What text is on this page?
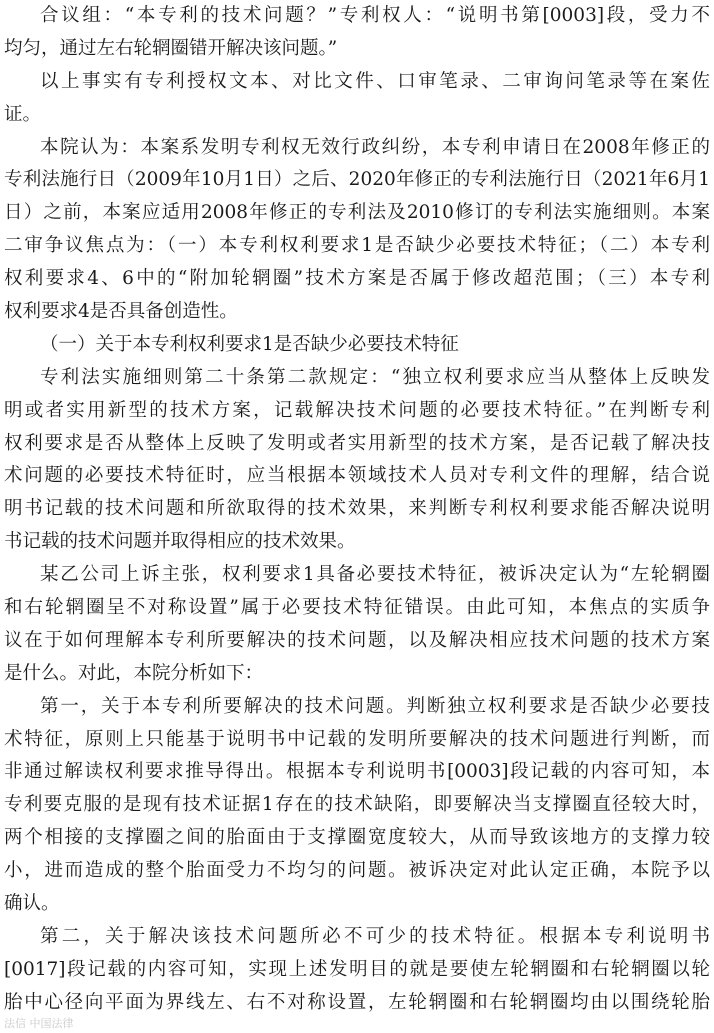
合议组：“本专利的技术问题？”专利权人：“说明书第[0003]段，受力不
均匀，通过左右轮辋圈错开解决该问题。”
以上事实有专利授权文本、对比文件、口审笔录、二审询问笔录等在案佐
证。
本院认为：本案系发明专利权无效行政纠纷，本专利申请日在2008年修正的
专利法施行日（2009年10月1日）之后、2020年修正的专利法施行日（2021年6月1
日）之前，本案应适用2008年修正的专利法及2010修订的专利法实施细则。本案
二审争议焦点为：（一）本专利权利要求1是否缺少必要技术特征；（二）本专利
权利要求4、6中的“附加轮辋圈”技术方案是否属于修改超范围；（三）本专利
权利要求4是否具备创造性。
（一）关于本专利权利要求1是否缺少必要技术特征
专利法实施细则第二十条第二款规定：“独立权利要求应当从整体上反映发
明或者实用新型的技术方案，记载解决技术问题的必要技术特征。”在判断专利
权利要求是否从整体上反映了发明或者实用新型的技术方案，是否记载了解决技
术问题的必要技术特征时，应当根据本领域技术人员对专利文件的理解，结合说
明书记载的技术问题和所欲取得的技术效果，来判断专利权利要求能否解决说明
书记载的技术问题并取得相应的技术效果。
某乙公司上诉主张，权利要求1具备必要技术特征，被诉决定认为“左轮辋圈
和右轮辋圈呈不对称设置”属于必要技术特征错误。由此可知，本焦点的实质争
议在于如何理解本专利所要解决的技术问题，以及解决相应技术问题的技术方案
是什么。对此，本院分析如下：
第一，关于本专利所要解决的技术问题。判断独立权利要求是否缺少必要技
术特征，原则上只能基于说明书中记载的发明所要解决的技术问题进行判断，而
非通过解读权利要求推导得出。根据本专利说明书[0003]段记载的内容可知，本
专利要克服的是现有技术证据1存在的技术缺陷，即要解决当支撑圈直径较大时，
两个相接的支撑圈之间的胎面由于支撑圈宽度较大，从而导致该地方的支撑力较
小，进而造成的整个胎面受力不均匀的问题。被诉决定对此认定正确，本院予以
确认。
第二，关于解决该技术问题所必不可少的技术特征。根据本专利说明书
[0017]段记载的内容可知，实现上述发明目的就是要使左轮辋圈和右轮辋圈以轮
胎中心径向平面为界线左、右不对称设置，左轮辋圈和右轮辋圈均由以围绕轮胎
法信 中国法律
